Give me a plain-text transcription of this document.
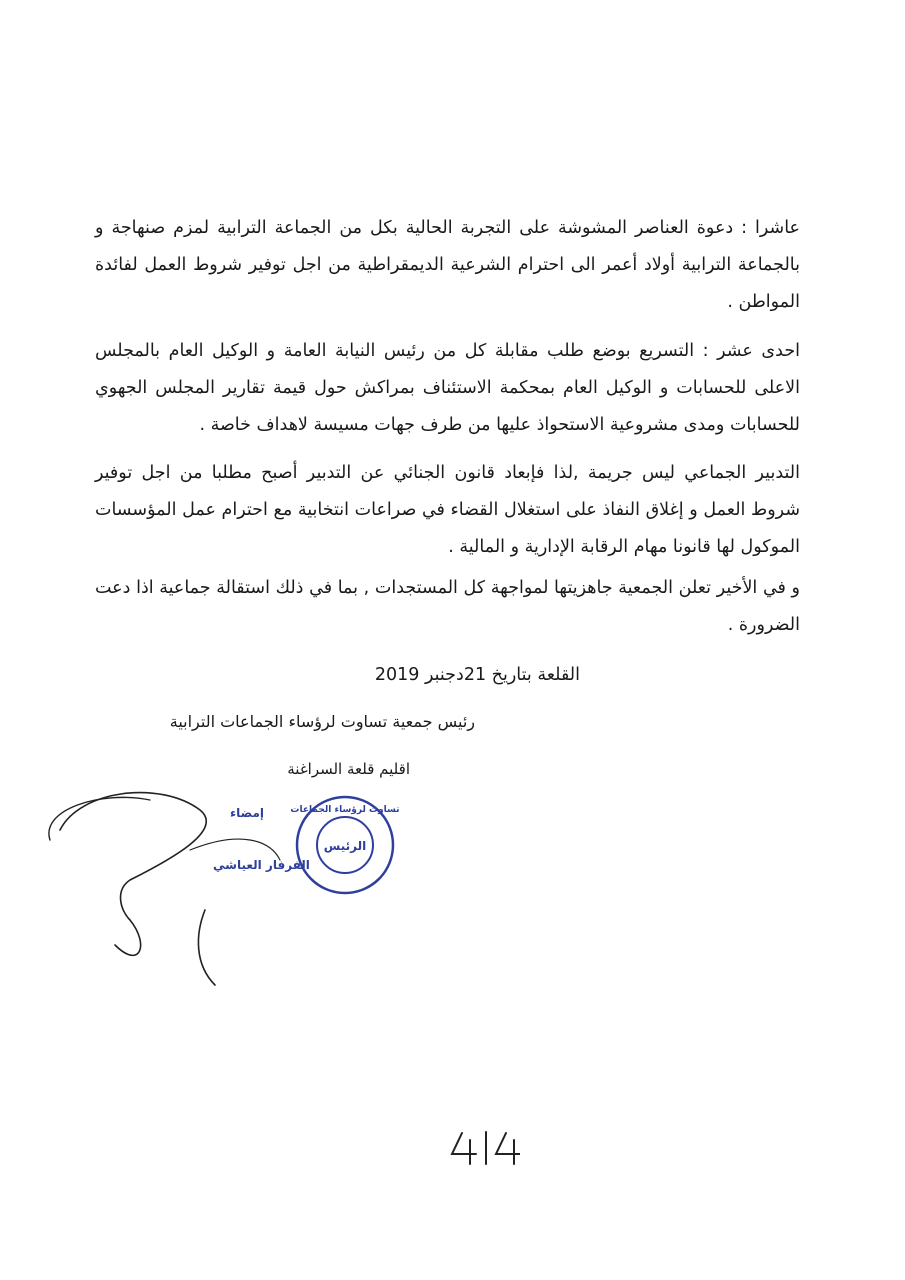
عاشرا : دعوة العناصر المشوشة على التجربة الحالية بكل من الجماعة الترابية لمزم صنهاجة و بالجماعة الترابية أولاد أعمر الى احترام الشرعية الديمقراطية من اجل توفير شروط العمل لفائدة المواطن .

احدى عشر : التسريع بوضع طلب مقابلة كل من رئيس النيابة العامة و الوكيل العام بالمجلس الاعلى للحسابات و الوكيل العام بمحكمة الاستئناف بمراكش حول قيمة تقارير المجلس الجهوي للحسابات ومدى مشروعية الاستحواذ عليها من طرف جهات مسيسة لاهداف خاصة .

التدبير الجماعي ليس جريمة ,لذا فإبعاد قانون الجنائي عن التدبير أصبح مطلبا من اجل توفير شروط العمل و إغلاق النفاذ على استغلال القضاء في صراعات انتخابية مع احترام عمل المؤسسات الموكول لها قانونا مهام الرقابة الإدارية و المالية .

و في الأخير تعلن الجمعية جاهزيتها لمواجهة كل المستجدات , بما في ذلك استقالة جماعية اذا دعت الضرورة .

القلعة بتاريخ 21دجنبر 2019
رئيس جمعية تساوت لرؤساء الجماعات الترابية
اقليم قلعة السراغنة
تساوت لرؤساء الجماعات
الرئيس
إمضاء
الفرفار العياشي
